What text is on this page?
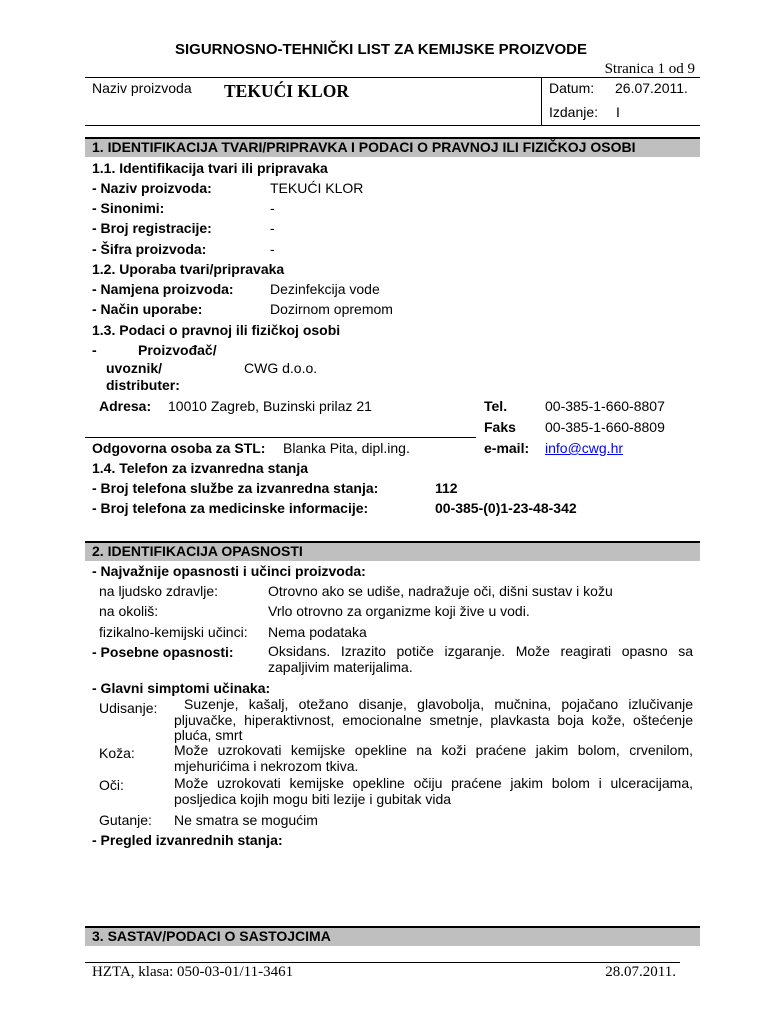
SIGURNOSNO-TEHNIČKI LIST ZA KEMIJSKE PROIZVODE
Stranica 1 od 9
Naziv proizvoda TEKUĆI KLOR	Datum: 26.07.2011.
Izdanje: I
1. IDENTIFIKACIJA TVARI/PRIPRAVKA I PODACI O PRAVNOJ ILI FIZIČKOJ OSOBI
1.1. Identifikacija tvari ili pripravaka
- Naziv proizvoda:	TEKUĆI KLOR
- Sinonimi:	-
- Broj registracije:	-
- Šifra proizvoda:	-
1.2. Uporaba tvari/pripravaka
- Namjena proizvoda:	Dezinfekcija vode
- Način uporabe:	Dozirnom opremom
1.3. Podaci o pravnoj ili fizičkoj osobi
-	Proizvođač/
uvoznik/	CWG d.o.o.
distributer:
Adresa: 10010 Zagreb, Buzinski prilaz 21	Tel.	00-385-1-660-8807
Faks 00-385-1-660-8809
Odgovorna osoba za STL: Blanka Pita, dipl.ing.	e-mail: info@cwg.hr
1.4. Telefon za izvanredna stanja
- Broj telefona službe za izvanredna stanja:	112
- Broj telefona za medicinske informacije:	00-385-(0)1-23-48-342
2. IDENTIFIKACIJA OPASNOSTI
- Najvažnije opasnosti i učinci proizvoda:
na ljudsko zdravlje:	Otrovno ako se udiše, nadražuje oči, dišni sustav i kožu
na okoliš:	Vrlo otrovno za organizme koji žive u vodi.
fizikalno-kemijski učinci: Nema podataka
- Posebne opasnosti: Oksidans. Izrazito potiče izgaranje. Može reagirati opasno sa zapaljivim materijalima.
- Glavni simptomi učinaka:
Udisanje:	Suzenje, kašalj, otežano disanje, glavobolja, mučnina, pojačano izlučivanje pljuvačke, hiperaktivnost, emocionalne smetnje, plavkasta boja kože, oštećenje pluća, smrt
Koža:	Može uzrokovati kemijske opekline na koži praćene jakim bolom, crvenilom, mjehurićima i nekrozom tkiva.
Oči:	Može uzrokovati kemijske opekline očiju praćene jakim bolom i ulceracijama, posljedica kojih mogu biti lezije i gubitak vida
Gutanje: Ne smatra se mogućim
- Pregled izvanrednih stanja:
3. SASTAV/PODACI O SASTOJCIMA
HZTA, klasa: 050-03-01/11-3461	28.07.2011.
